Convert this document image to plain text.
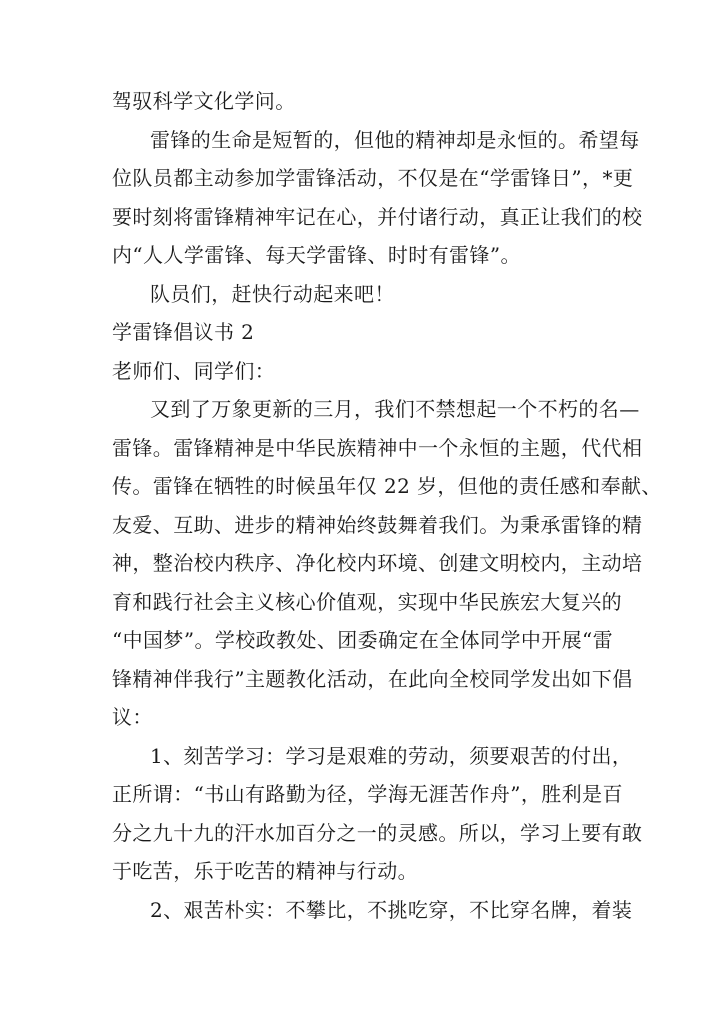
驾驭科学文化学问。
雷锋的生命是短暂的，但他的精神却是永恒的。希望每
位队员都主动参加学雷锋活动，不仅是在“学雷锋日”，*更
要时刻将雷锋精神牢记在心，并付诸行动，真正让我们的校
内“人人学雷锋、每天学雷锋、时时有雷锋”。
队员们，赶快行动起来吧！
学雷锋倡议书 2
老师们、同学们：
又到了万象更新的三月，我们不禁想起一个不朽的名—
雷锋。雷锋精神是中华民族精神中一个永恒的主题，代代相
传。雷锋在牺牲的时候虽年仅 22 岁，但他的责任感和奉献、
友爱、互助、进步的精神始终鼓舞着我们。为秉承雷锋的精
神，整治校内秩序、净化校内环境、创建文明校内，主动培
育和践行社会主义核心价值观，实现中华民族宏大复兴的
“中国梦”。学校政教处、团委确定在全体同学中开展“雷
锋精神伴我行”主题教化活动，在此向全校同学发出如下倡
议：
1、刻苦学习：学习是艰难的劳动，须要艰苦的付出，
正所谓：“书山有路勤为径，学海无涯苦作舟”，胜利是百
分之九十九的汗水加百分之一的灵感。所以，学习上要有敢
于吃苦，乐于吃苦的精神与行动。
2、艰苦朴实：不攀比，不挑吃穿，不比穿名牌，着装
